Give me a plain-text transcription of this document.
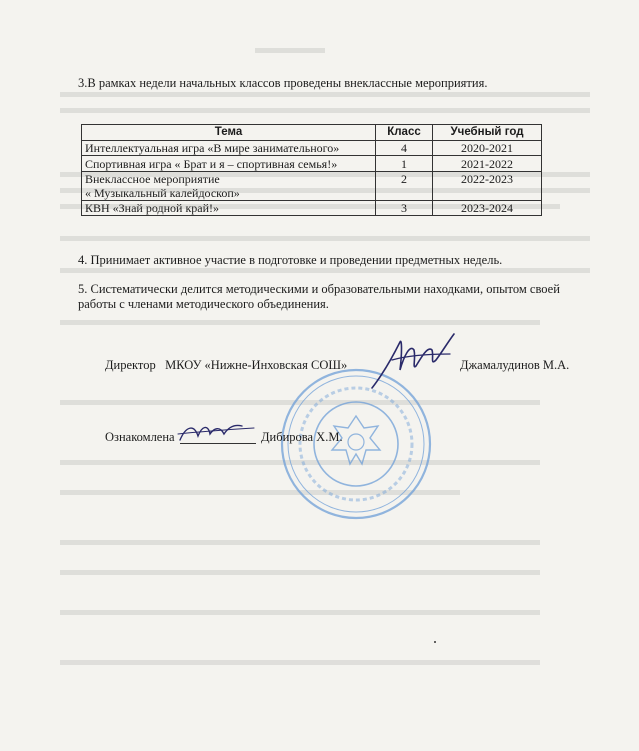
3.В рамках недели начальных классов проведены внеклассные мероприятия.
Тема	Класс	Учебный год
Интеллектуальная игра «В мире занимательного»	4	2020-2021
Спортивная игра « Брат и я – спортивная семья!»	1	2021-2022

Внеклассное мероприятие
« Музыкальный калейдоскоп»	2	2022-2023
КВН «Знай родной край!»	3	2023-2024
4. Принимает активное участие в подготовке и проведении предметных недель.
5. Систематически делится методическими и образовательными находками, опытом своей
работы с членами методического объединения.
Директор МКОУ «Нижне-Инховская СОШ»	Джамалудинов М.А.
Ознакомлена	Дибирова Х.М.
